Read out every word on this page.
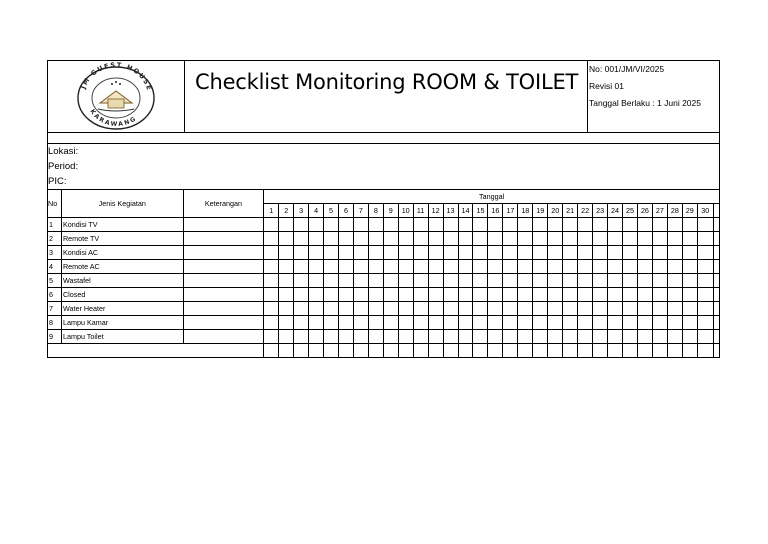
JM GUEST HOUSE
KARAWANG
Checklist Monitoring ROOM & TOILET
No: 001/JM/VI/2025
Revisi 01
Tanggal Berlaku : 1 Juni 2025
Lokasi:
Period:
PIC:
No	Jenis Kegiatan	Keterangan	Tanggal																														
			1	2	3	4	5	6	7	8	9	10	11	12	13	14	15	16	17	18	19	20	21	22	23	24	25	26	27	28	29	30	
1	Kondisi TV																																
2	Remote TV																																
3	Kondisi AC																																
4	Remote AC																																
5	Wastafel																																
6	Closed																																
7	Water Heater																																
8	Lampu Kamar																																
9	Lampu Toilet																																
